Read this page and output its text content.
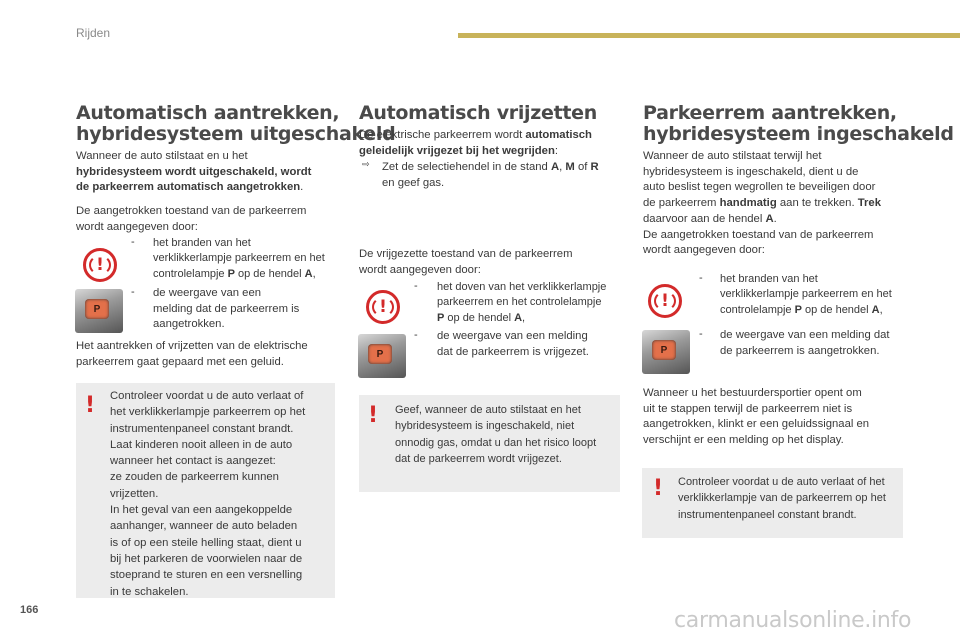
Rijden
Automatisch aantrekken,
hybridesysteem uitgeschakeld

Wanneer de auto stilstaat en u het

hybridesysteem wordt uitgeschakeld, wordt

de parkeerrem automatisch aangetrokken.

De aangetrokken toestand van de parkeerrem

wordt aangegeven door:

!
- het branden van het
verklikkerlampje parkeerrem en het
controlelampje P op de hendel A,
P
- de weergave van een
melding dat de parkeerrem is
aangetrokken.

Het aantrekken of vrijzetten van de elektrische

parkeerrem gaat gepaard met een geluid.

! Controleer voordat u de auto verlaat of
het verklikkerlampje parkeerrem op het
instrumentenpaneel constant brandt.
Laat kinderen nooit alleen in de auto
wanneer het contact is aangezet:
ze zouden de parkeerrem kunnen
vrijzetten.
In het geval van een aangekoppelde
aanhanger, wanneer de auto beladen
is of op een steile helling staat, dient u
bij het parkeren de voorwielen naar de
stoeprand te sturen en een versnelling
in te schakelen.
Automatisch vrijzetten

De elektrische parkeerrem wordt automatisch

geleidelijk vrijgezet bij het wegrijden:

⇨ Zet de selectiehendel in de stand A, M of R

en geef gas.

De vrijgezette toestand van de parkeerrem

wordt aangegeven door:

!
- het doven van het verklikkerlampje
parkeerrem en het controlelampje
P op de hendel A,
P
- de weergave van een melding
dat de parkeerrem is vrijgezet.
! Geef, wanneer de auto stilstaat en het
hybridesysteem is ingeschakeld, niet
onnodig gas, omdat u dan het risico loopt
dat de parkeerrem wordt vrijgezet.
Parkeerrem aantrekken,
hybridesysteem ingeschakeld

Wanneer de auto stilstaat terwijl het

hybridesysteem is ingeschakeld, dient u de

auto beslist tegen wegrollen te beveiligen door

de parkeerrem handmatig aan te trekken. Trek

daarvoor aan de hendel A.

De aangetrokken toestand van de parkeerrem

wordt aangegeven door:

!
- het branden van het
verklikkerlampje parkeerrem en het
controlelampje P op de hendel A,
P
- de weergave van een melding dat
de parkeerrem is aangetrokken.

Wanneer u het bestuurdersportier opent om

uit te stappen terwijl de parkeerrem niet is

aangetrokken, klinkt er een geluidssignaal en

verschijnt er een melding op het display.

! Controleer voordat u de auto verlaat of het
verklikkerlampje van de parkeerrem op het
instrumentenpaneel constant brandt.
166	carmanualsonline.info
